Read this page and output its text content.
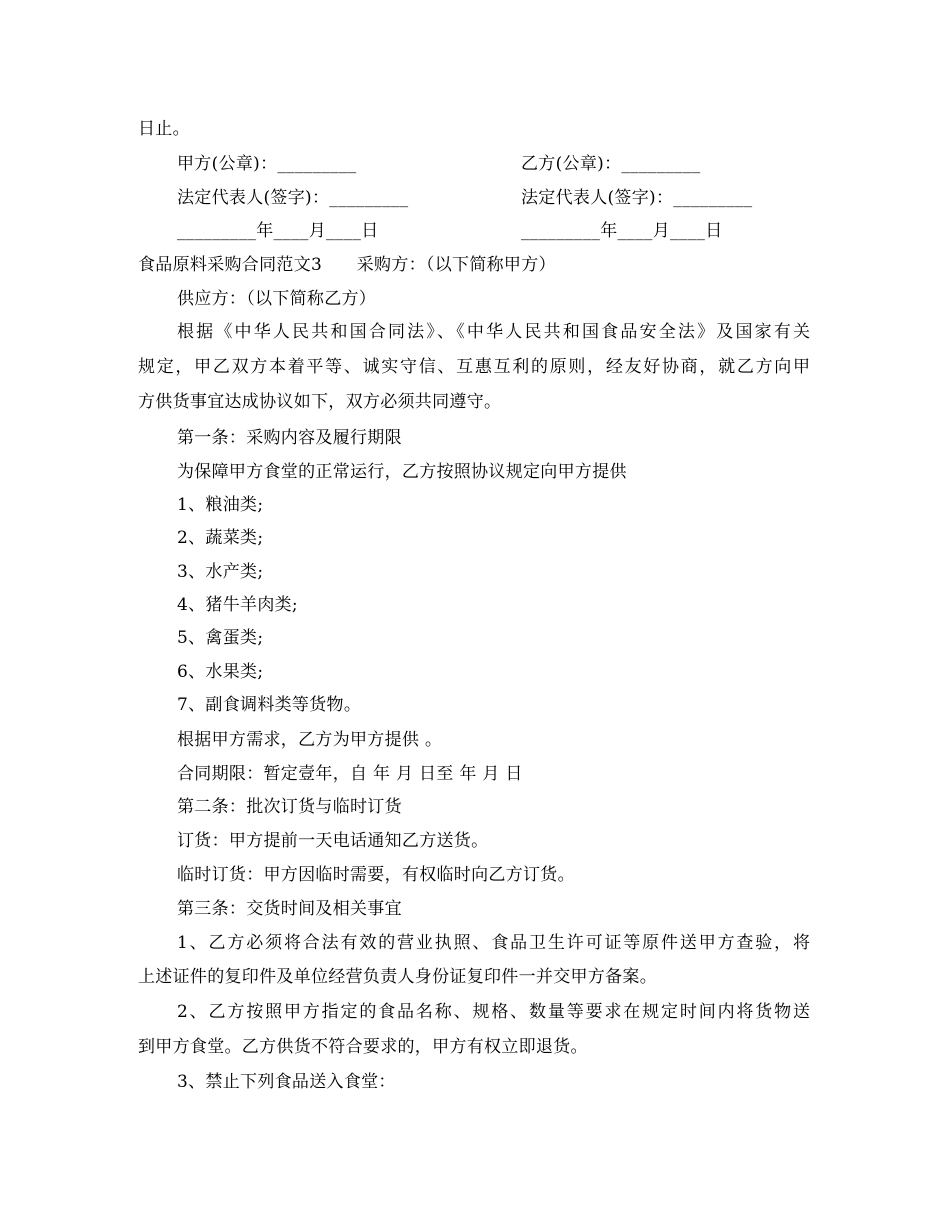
日止。
甲方(公章)：_________	乙方(公章)：_________
法定代表人(签字)：_________	法定代表人(签字)：_________
_________年____月____日	_________年____月____日
食品原料采购合同范文3　　采购方：（以下简称甲方）
供应方：（以下简称乙方）
根据《中华人民共和国合同法》、《中华人民共和国食品安全法》及国家有关
规定，甲乙双方本着平等、诚实守信、互惠互利的原则，经友好协商，就乙方向甲
方供货事宜达成协议如下，双方必须共同遵守。
第一条：采购内容及履行期限
为保障甲方食堂的正常运行，乙方按照协议规定向甲方提供
1、粮油类;
2、蔬菜类;
3、水产类;
4、猪牛羊肉类;
5、禽蛋类;
6、水果类;
7、副食调料类等货物。
根据甲方需求，乙方为甲方提供 。
合同期限：暂定壹年，自 年 月 日至 年 月 日
第二条：批次订货与临时订货
订货：甲方提前一天电话通知乙方送货。
临时订货：甲方因临时需要，有权临时向乙方订货。
第三条：交货时间及相关事宜
1、乙方必须将合法有效的营业执照、食品卫生许可证等原件送甲方查验，将
上述证件的复印件及单位经营负责人身份证复印件一并交甲方备案。
2、乙方按照甲方指定的食品名称、规格、数量等要求在规定时间内将货物送
到甲方食堂。乙方供货不符合要求的，甲方有权立即退货。
3、禁止下列食品送入食堂：
